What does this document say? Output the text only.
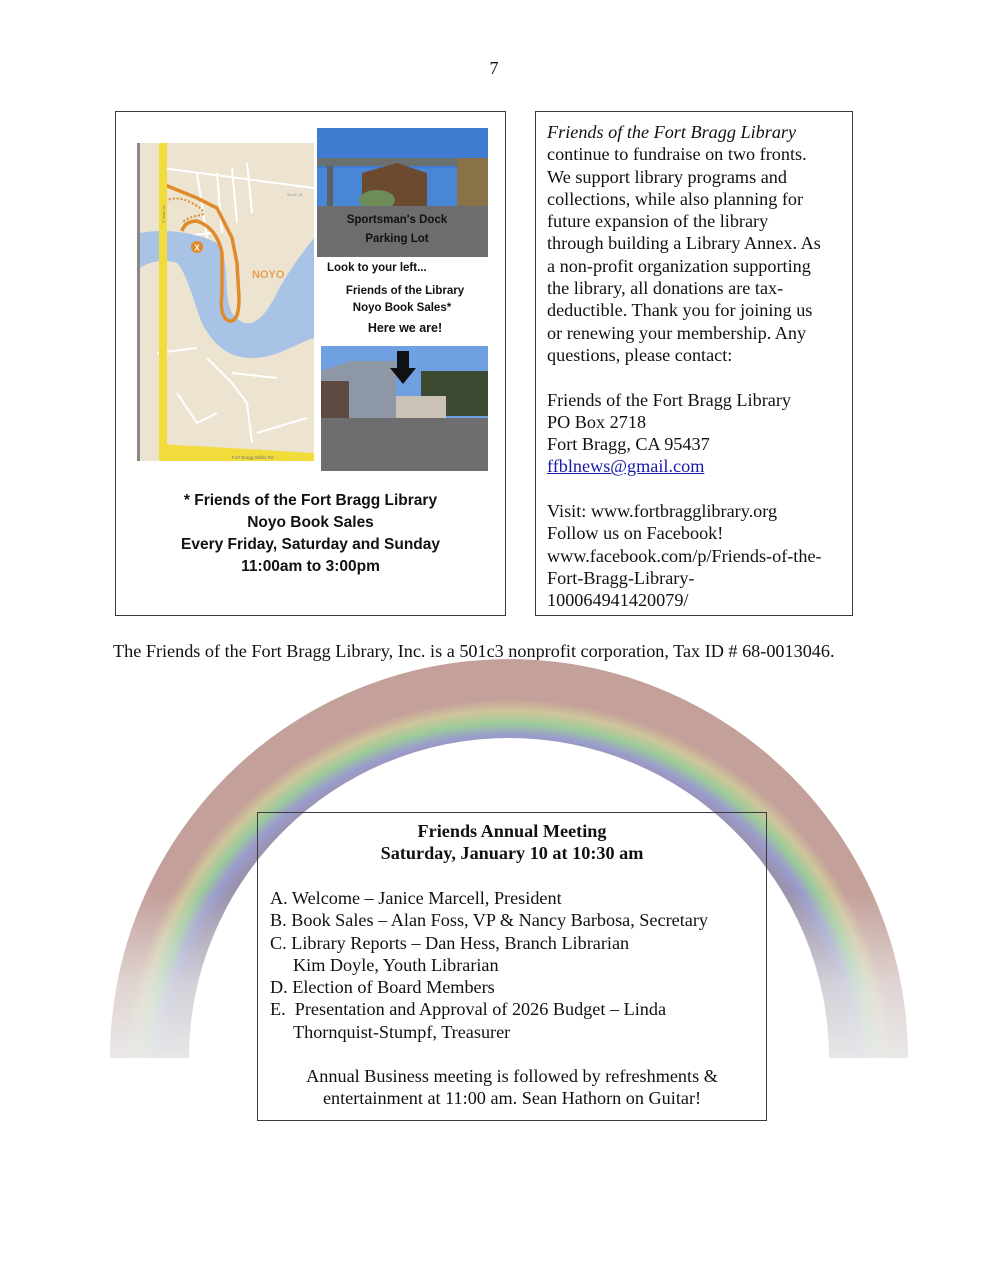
7
X
NOYO
S Main St
South St
Fort Bragg-Willits Rd
Sportsman's Dock
Parking Lot
Look to your left...
Friends of the Library
Noyo Book Sales*
Here we are!
* Friends of the Fort Bragg Library
Noyo Book Sales
Every Friday, Saturday and Sunday
11:00am to 3:00pm
Friends of the Fort Bragg Library
continue to fundraise on two fronts.
We support library programs and
collections, while also planning for
future expansion of the library
through building a Library Annex. As
a non-profit organization supporting
the library, all donations are tax-
deductible. Thank you for joining us
or renewing your membership. Any
questions, please contact:
Friends of the Fort Bragg Library
PO Box 2718
Fort Bragg, CA 95437
ffblnews@gmail.com
Visit: www.fortbragglibrary.org
Follow us on Facebook!
www.facebook.com/p/Friends-of-the-
Fort-Bragg-Library-
100064941420079/
The Friends of the Fort Bragg Library, Inc. is a 501c3 nonprofit corporation, Tax ID # 68-0013046.
Friends Annual Meeting
Saturday, January 10 at 10:30 am
A. Welcome – Janice Marcell, President
B. Book Sales – Alan Foss, VP & Nancy Barbosa, Secretary
C. Library Reports – Dan Hess, Branch Librarian
Kim Doyle, Youth Librarian
D. Election of Board Members
E.  Presentation and Approval of 2026 Budget – Linda
Thornquist-Stumpf, Treasurer
Annual Business meeting is followed by refreshments &
entertainment at 11:00 am. Sean Hathorn on Guitar!
